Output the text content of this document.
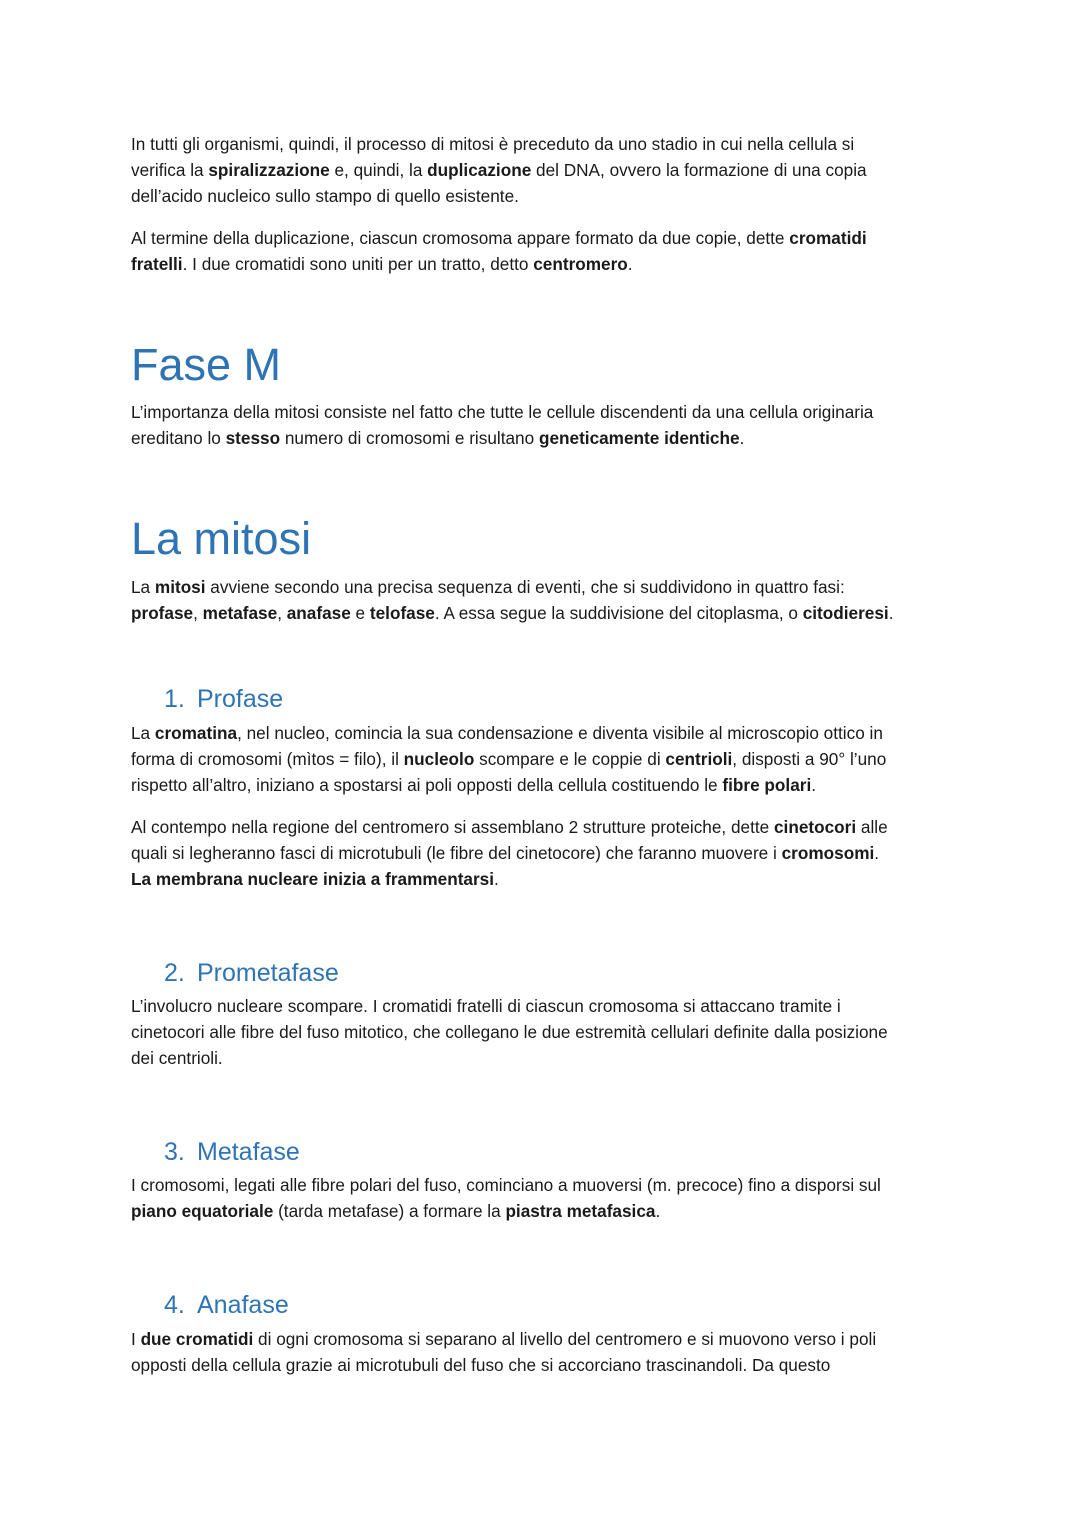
In tutti gli organismi, quindi, il processo di mitosi è preceduto da uno stadio in cui nella cellula si
verifica la spiralizzazione e, quindi, la duplicazione del DNA, ovvero la formazione di una copia
dell’acido nucleico sullo stampo di quello esistente.

Al termine della duplicazione, ciascun cromosoma appare formato da due copie, dette cromatidi
fratelli. I due cromatidi sono uniti per un tratto, detto centromero.

Fase M

L’importanza della mitosi consiste nel fatto che tutte le cellule discendenti da una cellula originaria
ereditano lo stesso numero di cromosomi e risultano geneticamente identiche.

La mitosi

La mitosi avviene secondo una precisa sequenza di eventi, che si suddividono in quattro fasi:
profase, metafase, anafase e telofase. A essa segue la suddivisione del citoplasma, o citodieresi.

1. Profase

La cromatina, nel nucleo, comincia la sua condensazione e diventa visibile al microscopio ottico in
forma di cromosomi (mìtos = filo), il nucleolo scompare e le coppie di centrioli, disposti a 90° l’uno
rispetto all’altro, iniziano a spostarsi ai poli opposti della cellula costituendo le fibre polari.

Al contempo nella regione del centromero si assemblano 2 strutture proteiche, dette cinetocori alle
quali si legheranno fasci di microtubuli (le fibre del cinetocore) che faranno muovere i cromosomi.
La membrana nucleare inizia a frammentarsi.

2. Prometafase

L’involucro nucleare scompare. I cromatidi fratelli di ciascun cromosoma si attaccano tramite i
cinetocori alle fibre del fuso mitotico, che collegano le due estremità cellulari definite dalla posizione
dei centrioli.

3. Metafase

I cromosomi, legati alle fibre polari del fuso, cominciano a muoversi (m. precoce) fino a disporsi sul
piano equatoriale (tarda metafase) a formare la piastra metafasica.

4. Anafase

I due cromatidi di ogni cromosoma si separano al livello del centromero e si muovono verso i poli
opposti della cellula grazie ai microtubuli del fuso che si accorciano trascinandoli. Da questo
